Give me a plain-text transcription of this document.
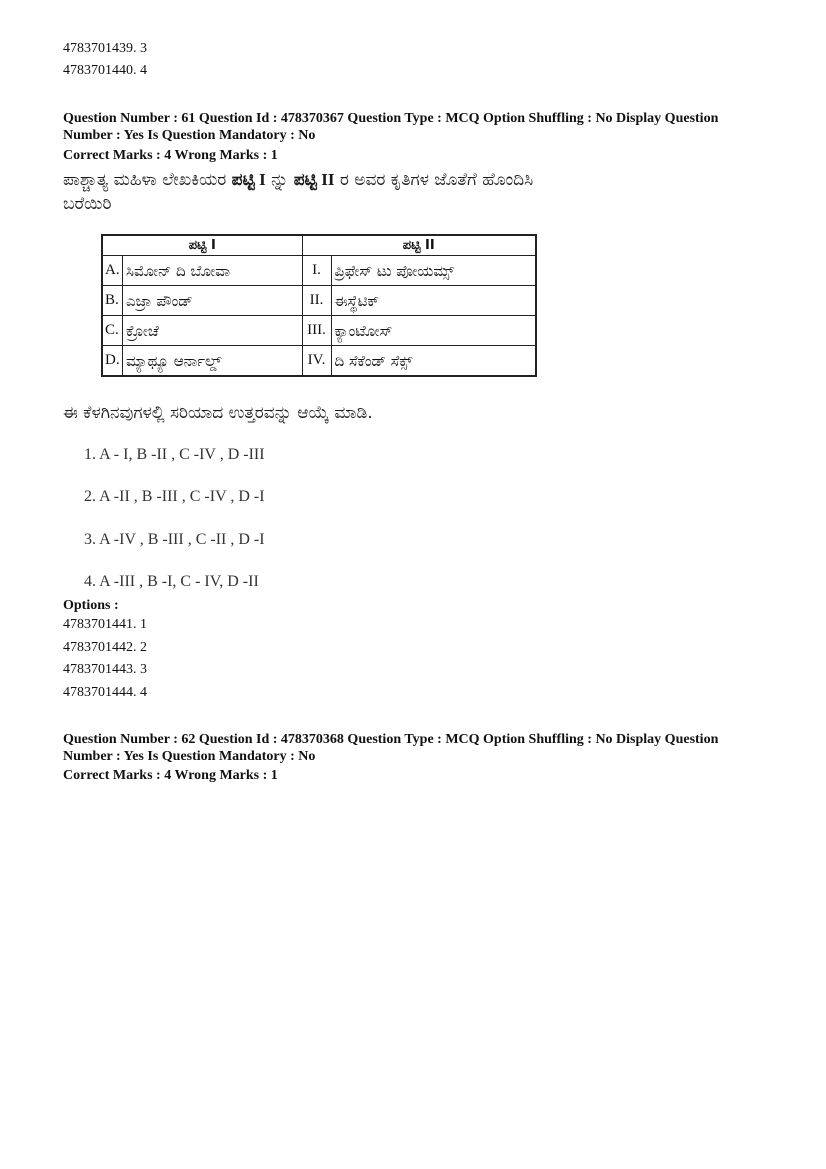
4783701439. 3
4783701440. 4
Question Number : 61 Question Id : 478370367 Question Type : MCQ Option Shuffling : No Display Question
Number : Yes Is Question Mandatory : No
Correct Marks : 4 Wrong Marks : 1
ಪಾಶ್ಚಾತ್ಯ ಮಹಿಳಾ ಲೇಖಕಿಯರ ಪಟ್ಟಿ I ನ್ನು ಪಟ್ಟಿ II ರ ಅವರ ಕೃತಿಗಳ ಜೊತೆಗೆ ಹೊಂದಿಸಿ
ಬರೆಯಿರಿ
ಪಟ್ಟಿ I		ಪಟ್ಟಿ II	
A.	ಸಿಮೋನ್ ದಿ ಬೋವಾ	I.	ಪ್ರಿಫೇಸ್ ಟು ಪೋಯಮ್ಸ್
B.	ಎಜ್ರಾ ಪೌಂಡ್	II.	ಈಸ್ಥೆಟಿಕ್
C.	ಕ್ರೋಚೆ	III.	ಕ್ಯಾಂಟೋಸ್
D.	ಮ್ಯಾಥ್ಯೂ ಆರ್ನಾಲ್ಡ್	IV.	ದಿ ಸೆಕೆಂಡ್ ಸೆಕ್ಸ್
ಈ ಕೆಳಗಿನವುಗಳಲ್ಲಿ ಸರಿಯಾದ ಉತ್ತರವನ್ನು ಆಯ್ಕೆ ಮಾಡಿ.
1. A - I, B -II , C -IV , D -III
2. A -II , B -III , C -IV , D -I
3. A -IV , B -III , C -II , D -I
4. A -III , B -I, C - IV, D -II
Options :
4783701441. 1
4783701442. 2
4783701443. 3
4783701444. 4
Question Number : 62 Question Id : 478370368 Question Type : MCQ Option Shuffling : No Display Question
Number : Yes Is Question Mandatory : No
Correct Marks : 4 Wrong Marks : 1
